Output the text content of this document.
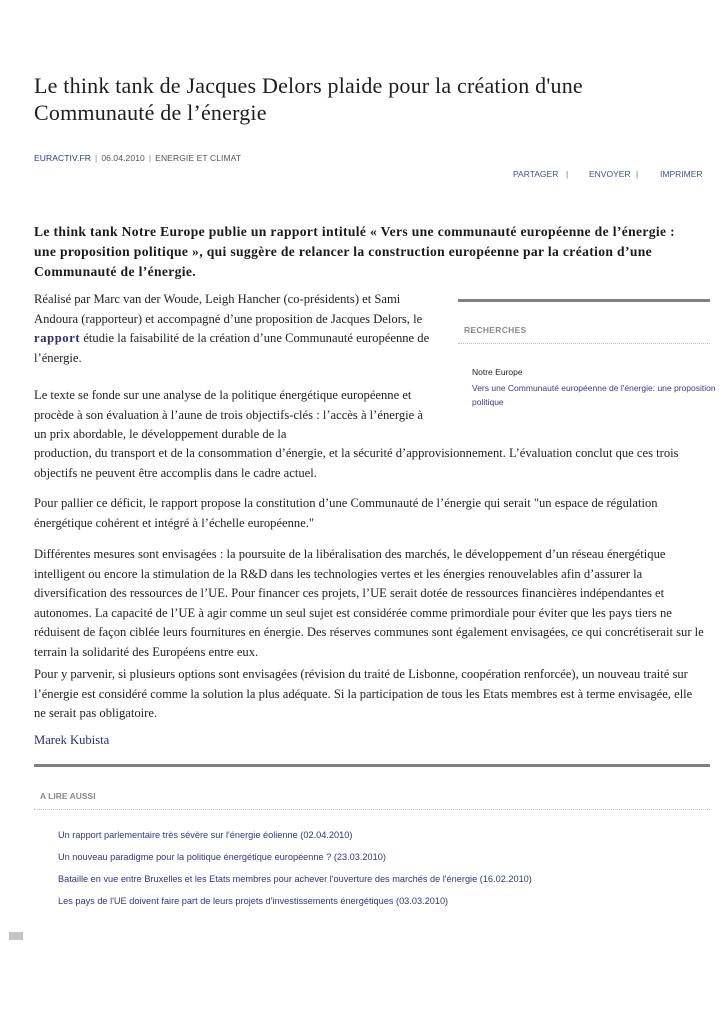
Le think tank de Jacques Delors plaide pour la création d'une
Communauté de l’énergie
EURACTIV.FR | 06.04.2010 | ENERGIE ET CLIMAT
PARTAGER | ENVOYER |	IMPRIMER

Le think tank Notre Europe publie un rapport intitulé « Vers une communauté européenne de l’énergie : une proposition politique », qui suggère de relancer la construction européenne par la création d’une Communauté de l’énergie.

Réalisé par Marc van der Woude, Leigh Hancher (co-présidents) et Sami Andoura (rapporteur) et accompagné d’une proposition de Jacques Delors, le rapport étudie la faisabilité de la création d’une Communauté européenne de l’énergie.

Le texte se fonde sur une analyse de la politique énergétique européenne et procède à son évaluation à l’aune de trois objectifs-clés : l’accès à l’énergie à un prix abordable, le développement durable de la

production, du transport et de la consommation d’énergie, et la sécurité d’approvisionnement. L’évaluation conclut que ces trois objectifs ne peuvent être accomplis dans le cadre actuel.

Pour pallier ce déficit, le rapport propose la constitution d’une Communauté de l’énergie qui serait "un espace de régulation énergétique cohérent et intégré à l’échelle européenne."

Différentes mesures sont envisagées : la poursuite de la libéralisation des marchés, le développement d’un réseau énergétique intelligent ou encore la stimulation de la R&D dans les technologies vertes et les énergies renouvelables afin d’assurer la diversification des ressources de l’UE. Pour financer ces projets, l’UE serait dotée de ressources financières indépendantes et autonomes. La capacité de l’UE à agir comme un seul sujet est considérée comme primordiale pour éviter que les pays tiers ne réduisent de façon ciblée leurs fournitures en énergie. Des réserves communes sont également envisagées, ce qui concrétiserait sur le terrain la solidarité des Européens entre eux.

Pour y parvenir, si plusieurs options sont envisagées (révision du traité de Lisbonne, coopération renforcée), un nouveau traité sur l’énergie est considéré comme la solution la plus adéquate. Si la participation de tous les Etats membres est à terme envisagée, elle ne serait pas obligatoire.

Marek Kubista
RECHERCHES
Notre Europe
Vers une Communauté européenne de l'énergie: une proposition politique
A LIRE AUSSI
Un rapport parlementaire très sévère sur l'énergie éolienne (02.04.2010)
Un nouveau paradigme pour la politique énergétique européenne ? (23.03.2010)
Bataille en vue entre Bruxelles et les Etats membres pour achever l'ouverture des marchés de l'énergie (16.02.2010)
Les pays de l'UE doivent faire part de leurs projets d'investissements énergétiques (03.03.2010)
